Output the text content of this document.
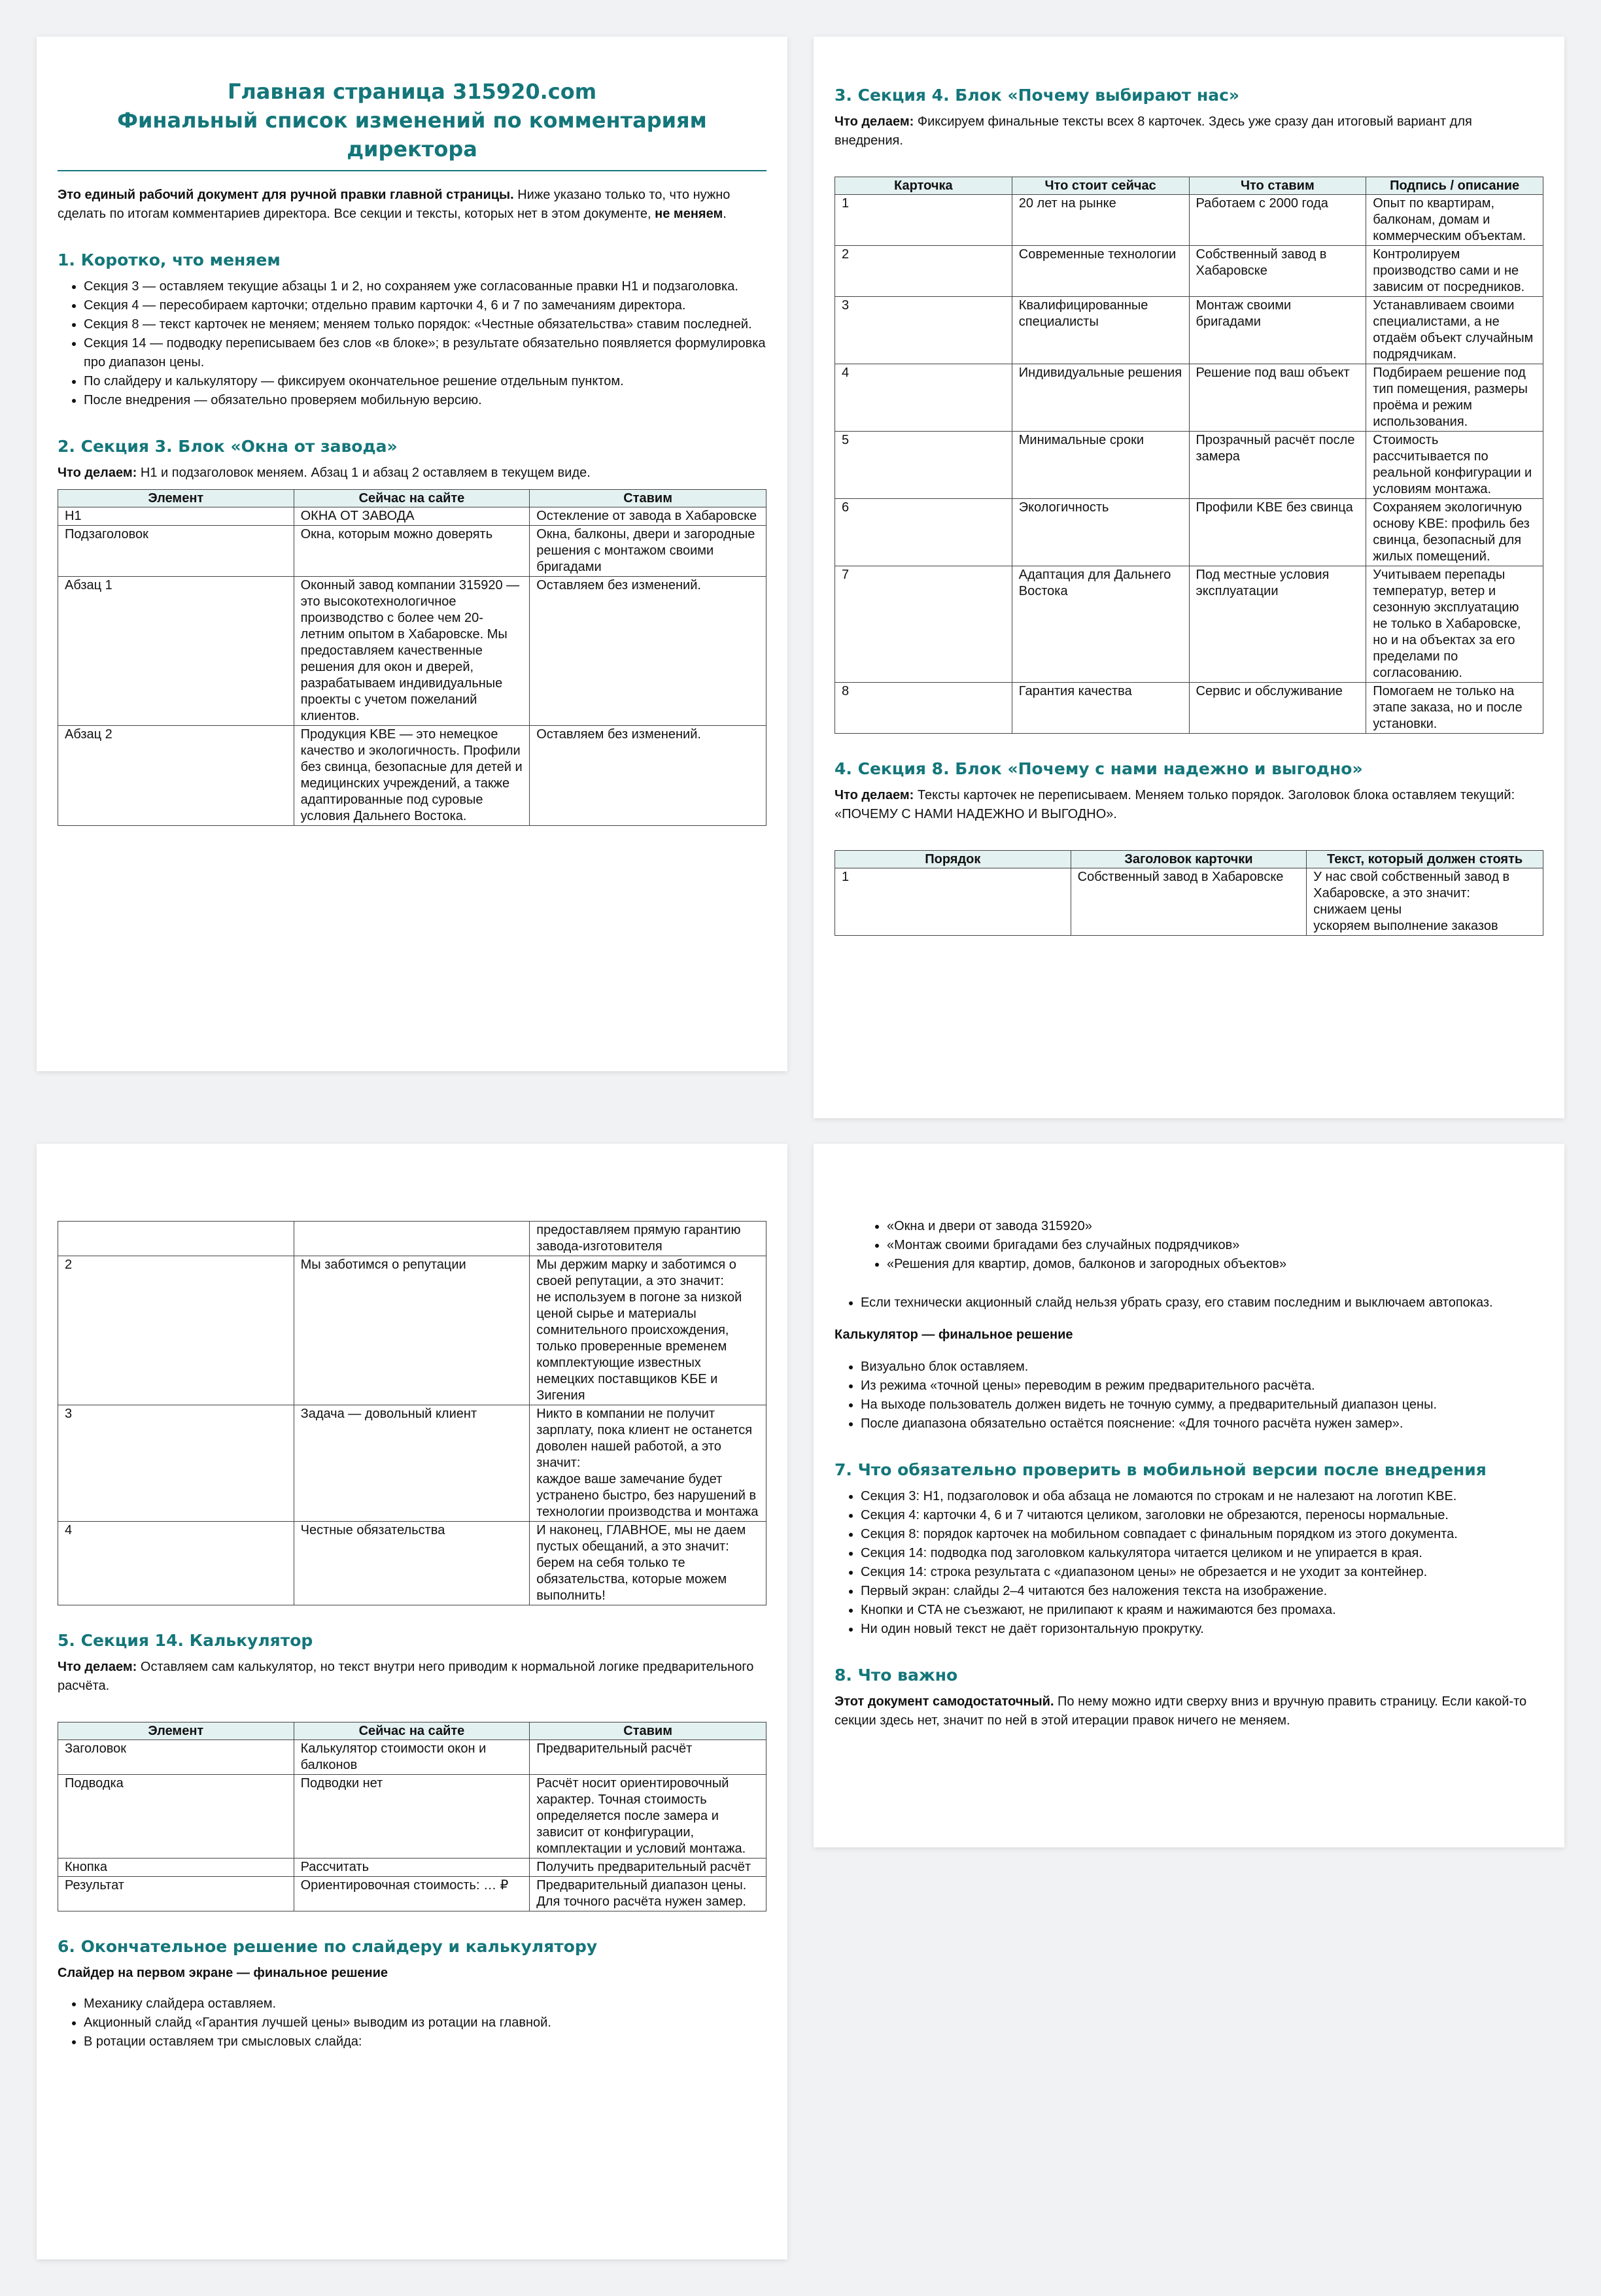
Главная страница 315920.com
Финальный список изменений по комментариям директора

Это единый рабочий документ для ручной правки главной страницы. Ниже указано только то, что нужно сделать по итогам комментариев директора. Все секции и тексты, которых нет в этом документе, не меняем.

1. Коротко, что меняем
• Секция 3 — оставляем текущие абзацы 1 и 2, но сохраняем уже согласованные правки H1 и подзаголовка.
• Секция 4 — пересобираем карточки; отдельно правим карточки 4, 6 и 7 по замечаниям директора.
• Секция 8 — текст карточек не меняем; меняем только порядок: «Честные обязательства» ставим последней.
• Секция 14 — подводку переписываем без слов «в блоке»; в результате обязательно появляется формулировка про диапазон цены.
• По слайдеру и калькулятору — фиксируем окончательное решение отдельным пунктом.
• После внедрения — обязательно проверяем мобильную версию.
2. Секция 3. Блок «Окна от завода»

Что делаем: H1 и подзаголовок меняем. Абзац 1 и абзац 2 оставляем в текущем виде.

Элемент	Сейчас на сайте	Ставим
H1	ОКНА ОТ ЗАВОДА	Остекление от завода в Хабаровске
Подзаголовок	Окна, которым можно доверять	Окна, балконы, двери и загородные решения с монтажом своими бригадами
Абзац 1	Оконный завод компании 315920 — это высокотехнологичное производство с более чем 20-летним опытом в Хабаровске. Мы предоставляем качественные решения для окон и дверей, разрабатываем индивидуальные проекты с учетом пожеланий клиентов.	Оставляем без изменений.
Абзац 2	Продукция KBE — это немецкое качество и экологичность. Профили без свинца, безопасные для детей и медицинских учреждений, а также адаптированные под суровые условия Дальнего Востока.	Оставляем без изменений.
3. Секция 4. Блок «Почему выбирают нас»

Что делаем: Фиксируем финальные тексты всех 8 карточек. Здесь уже сразу дан итоговый вариант для внедрения.

Карточка	Что стоит сейчас	Что ставим	Подпись / описание
1	20 лет на рынке	Работаем с 2000 года	Опыт по квартирам, балконам, домам и коммерческим объектам.
2	Современные технологии	Собственный завод в Хабаровске	Контролируем производство сами и не зависим от посредников.
3	Квалифицированные специалисты	Монтаж своими бригадами	Устанавливаем своими специалистами, а не отдаём объект случайным подрядчикам.
4	Индивидуальные решения	Решение под ваш объект	Подбираем решение под тип помещения, размеры проёма и режим использования.
5	Минимальные сроки	Прозрачный расчёт после замера	Стоимость рассчитывается по реальной конфигурации и условиям монтажа.
6	Экологичность	Профили KBE без свинца	Сохраняем экологичную основу KBE: профиль без свинца, безопасный для жилых помещений.
7	Адаптация для Дальнего Востока	Под местные условия эксплуатации	Учитываем перепады температур, ветер и сезонную эксплуатацию не только в Хабаровске, но и на объектах за его пределами по согласованию.
8	Гарантия качества	Сервис и обслуживание	Помогаем не только на этапе заказа, но и после установки.
4. Секция 8. Блок «Почему с нами надежно и выгодно»

Что делаем: Тексты карточек не переписываем. Меняем только порядок. Заголовок блока оставляем текущий: «ПОЧЕМУ С НАМИ НАДЕЖНО И ВЫГОДНО».

Порядок	Заголовок карточки	Текст, который должен стоять
1	Собственный завод в Хабаровске	У нас свой собственный завод в Хабаровске, а это значит:
снижаем цены
ускоряем выполнение заказов
		предоставляем прямую гарантию завода-изготовителя
2	Мы заботимся о репутации	Мы держим марку и заботимся о своей репутации, а это значит:
не используем в погоне за низкой ценой сырье и материалы сомнительного происхождения,
только проверенные временем комплектующие известных немецких поставщиков KБЕ и Зигения
3	Задача — довольный клиент	Никто в компании не получит зарплату, пока клиент не останется доволен нашей работой, а это значит:
каждое ваше замечание будет устранено быстро, без нарушений в технологии производства и монтажа
4	Честные обязательства	И наконец, ГЛАВНОЕ, мы не даем пустых обещаний, а это значит:
берем на себя только те обязательства, которые можем выполнить!
5. Секция 14. Калькулятор

Что делаем: Оставляем сам калькулятор, но текст внутри него приводим к нормальной логике предварительного расчёта.

Элемент	Сейчас на сайте	Ставим
Заголовок	Калькулятор стоимости окон и балконов	Предварительный расчёт
Подводка	Подводки нет	Расчёт носит ориентировочный характер. Точная стоимость определяется после замера и зависит от конфигурации, комплектации и условий монтажа.
Кнопка	Рассчитать	Получить предварительный расчёт
Результат	Ориентировочная стоимость: … ₽	Предварительный диапазон цены. Для точного расчёта нужен замер.
6. Окончательное решение по слайдеру и калькулятору

Слайдер на первом экране — финальное решение

• Механику слайдера оставляем.
• Акционный слайд «Гарантия лучшей цены» выводим из ротации на главной.
• В ротации оставляем три смысловых слайда:
• «Окна и двери от завода 315920»
• «Монтаж своими бригадами без случайных подрядчиков»
• «Решения для квартир, домов, балконов и загородных объектов»
• Если технически акционный слайд нельзя убрать сразу, его ставим последним и выключаем автопоказ.

Калькулятор — финальное решение

• Визуально блок оставляем.
• Из режима «точной цены» переводим в режим предварительного расчёта.
• На выходе пользователь должен видеть не точную сумму, а предварительный диапазон цены.
• После диапазона обязательно остаётся пояснение: «Для точного расчёта нужен замер».
7. Что обязательно проверить в мобильной версии после внедрения
• Секция 3: H1, подзаголовок и оба абзаца не ломаются по строкам и не налезают на логотип KBE.
• Секция 4: карточки 4, 6 и 7 читаются целиком, заголовки не обрезаются, переносы нормальные.
• Секция 8: порядок карточек на мобильном совпадает с финальным порядком из этого документа.
• Секция 14: подводка под заголовком калькулятора читается целиком и не упирается в края.
• Секция 14: строка результата с «диапазоном цены» не обрезается и не уходит за контейнер.
• Первый экран: слайды 2–4 читаются без наложения текста на изображение.
• Кнопки и CTA не съезжают, не прилипают к краям и нажимаются без промаха.
• Ни один новый текст не даёт горизонтальную прокрутку.
8. Что важно

Этот документ самодостаточный. По нему можно идти сверху вниз и вручную править страницу. Если какой-то секции здесь нет, значит по ней в этой итерации правок ничего не меняем.
